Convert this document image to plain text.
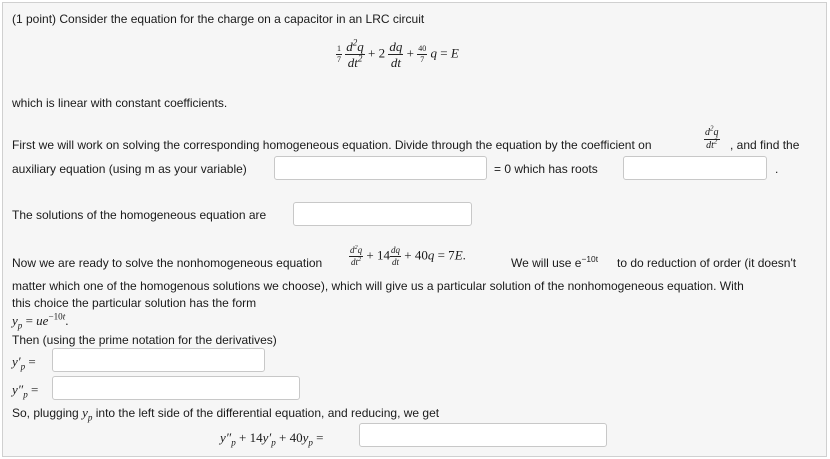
(1 point) Consider the equation for the charge on a capacitor in an LRC circuit
$\frac{1}{7}$
$\frac{d^2q}{dt^2} + 2 \frac{dq}{dt} + \frac{40}{7}$ q = E
which is linear with constant coefficients.
First we will work on solving the corresponding homogeneous equation. Divide through the equation by the coefficient on	$\frac{d^2q}{dt^2}$ , and find the
auxiliary equation (using m as your variable)	= 0 which has roots	.
The solutions of the homogeneous equation are
Now we are ready to solve the nonhomogeneous equation	$\frac{d^2q}{dt^2} + 14 \frac{dq}{dt} + 40q = 7E$.
We will use $e^{-10t}$ to do reduction of order (it doesn't
matter which one of the homogenous solutions we choose), which will give us a particular solution of the nonhomogeneous equation. With
this choice the particular solution has the form
$y_p = ue^{-10t}$.
Then (using the prime notation for the derivatives)
$y'_p$ =
$y''_p$ =
So, plugging $y_p$ into the left side of the differential equation, and reducing, we get
$y''_p + 14y'_p + 40y_p$ =
